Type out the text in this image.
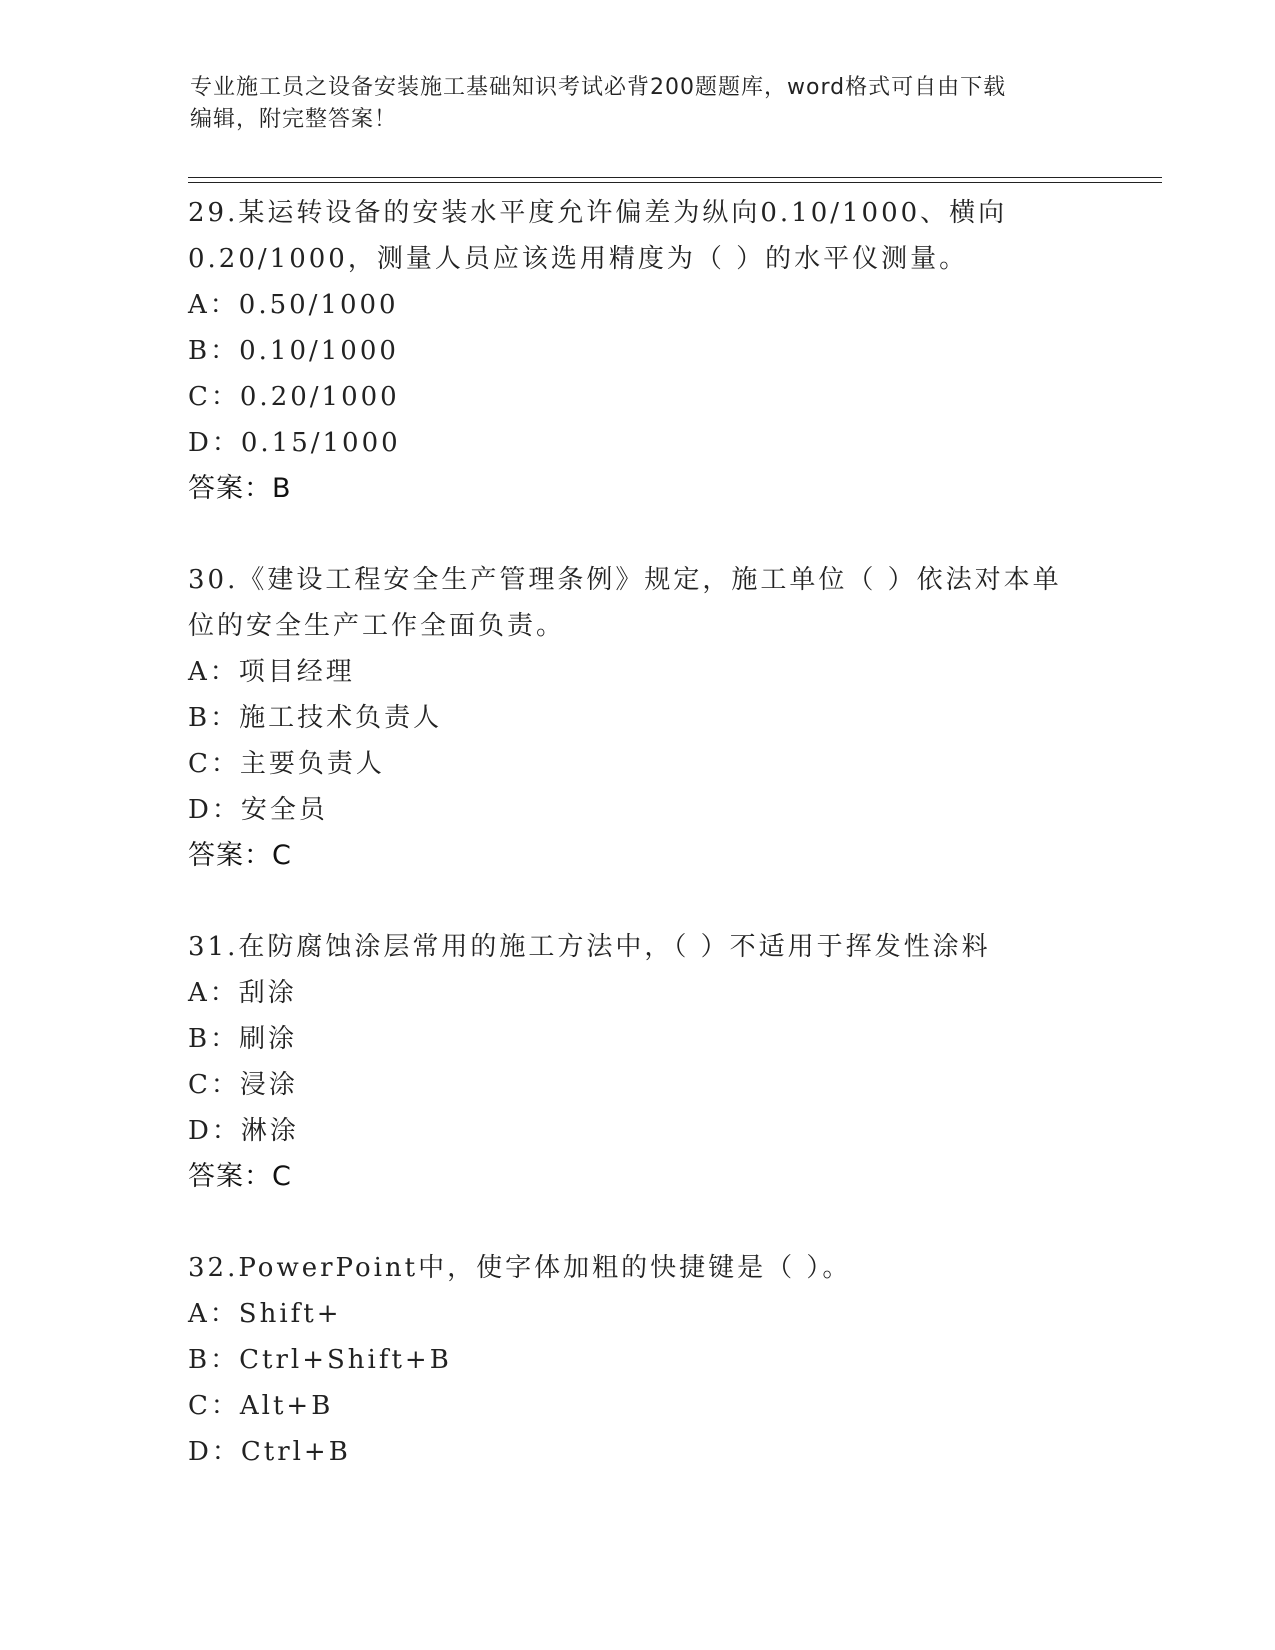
专业施工员之设备安装施工基础知识考试必背200题题库，word格式可自由下载
编辑，附完整答案！
29.某运转设备的安装水平度允许偏差为纵向0.10/1000、横向
0.20/1000，测量人员应该选用精度为（ ）的水平仪测量。
A：0.50/1000
B：0.10/1000
C：0.20/1000
D：0.15/1000
答案：B
30.《建设工程安全生产管理条例》规定，施工单位（ ）依法对本单
位的安全生产工作全面负责。
A：项目经理
B：施工技术负责人
C：主要负责人
D：安全员
答案：C
31.在防腐蚀涂层常用的施工方法中，（ ）不适用于挥发性涂料
A：刮涂
B：刷涂
C：浸涂
D：淋涂
答案：C
32.PowerPoint中，使字体加粗的快捷键是（ ）。
A：Shift+
B：Ctrl+Shift+B
C：Alt+B
D：Ctrl+B
